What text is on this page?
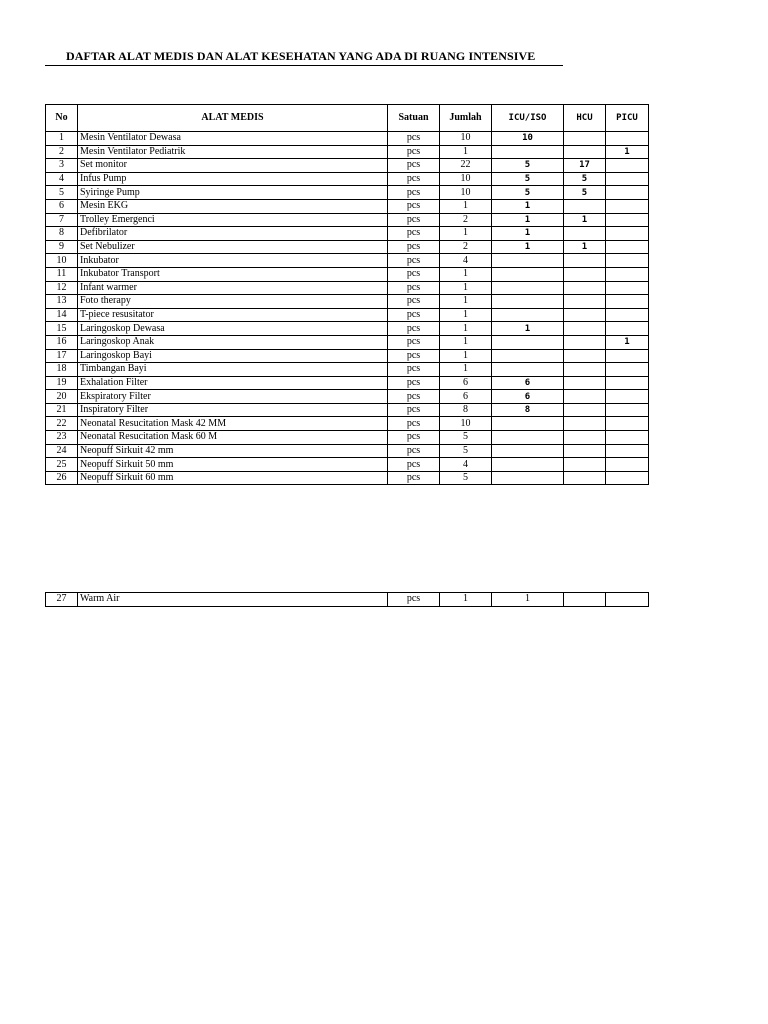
DAFTAR ALAT MEDIS DAN ALAT KESEHATAN YANG ADA DI RUANG INTENSIVE
No	ALAT MEDIS	Satuan	Jumlah	ICU/ISO	HCU	PICU
1	Mesin Ventilator Dewasa	pcs	10	10		
2	Mesin Ventilator Pediatrik	pcs	1			1
3	Set monitor	pcs	22	5	17	
4	Infus Pump	pcs	10	5	5	
5	Syiringe Pump	pcs	10	5	5	
6	Mesin EKG	pcs	1	1		
7	Trolley Emergenci	pcs	2	1	1	
8	Defibrilator	pcs	1	1		
9	Set Nebulizer	pcs	2	1	1	
10	Inkubator	pcs	4			
11	Inkubator Transport	pcs	1			
12	Infant warmer	pcs	1			
13	Foto therapy	pcs	1			
14	T-piece resusitator	pcs	1			
15	Laringoskop Dewasa	pcs	1	1		
16	Laringoskop Anak	pcs	1			1
17	Laringoskop Bayi	pcs	1			
18	Timbangan Bayi	pcs	1			
19	Exhalation Filter	pcs	6	6		
20	Ekspiratory Filter	pcs	6	6		
21	Inspiratory Filter	pcs	8	8		
22	Neonatal Resucitation Mask 42 MM	pcs	10			
23	Neonatal Resucitation Mask 60 M	pcs	5			
24	Neopuff Sirkuit 42 mm	pcs	5			
25	Neopuff Sirkuit 50 mm	pcs	4			
26	Neopuff Sirkuit 60 mm	pcs	5			
27	Warm Air	pcs	1	1		
